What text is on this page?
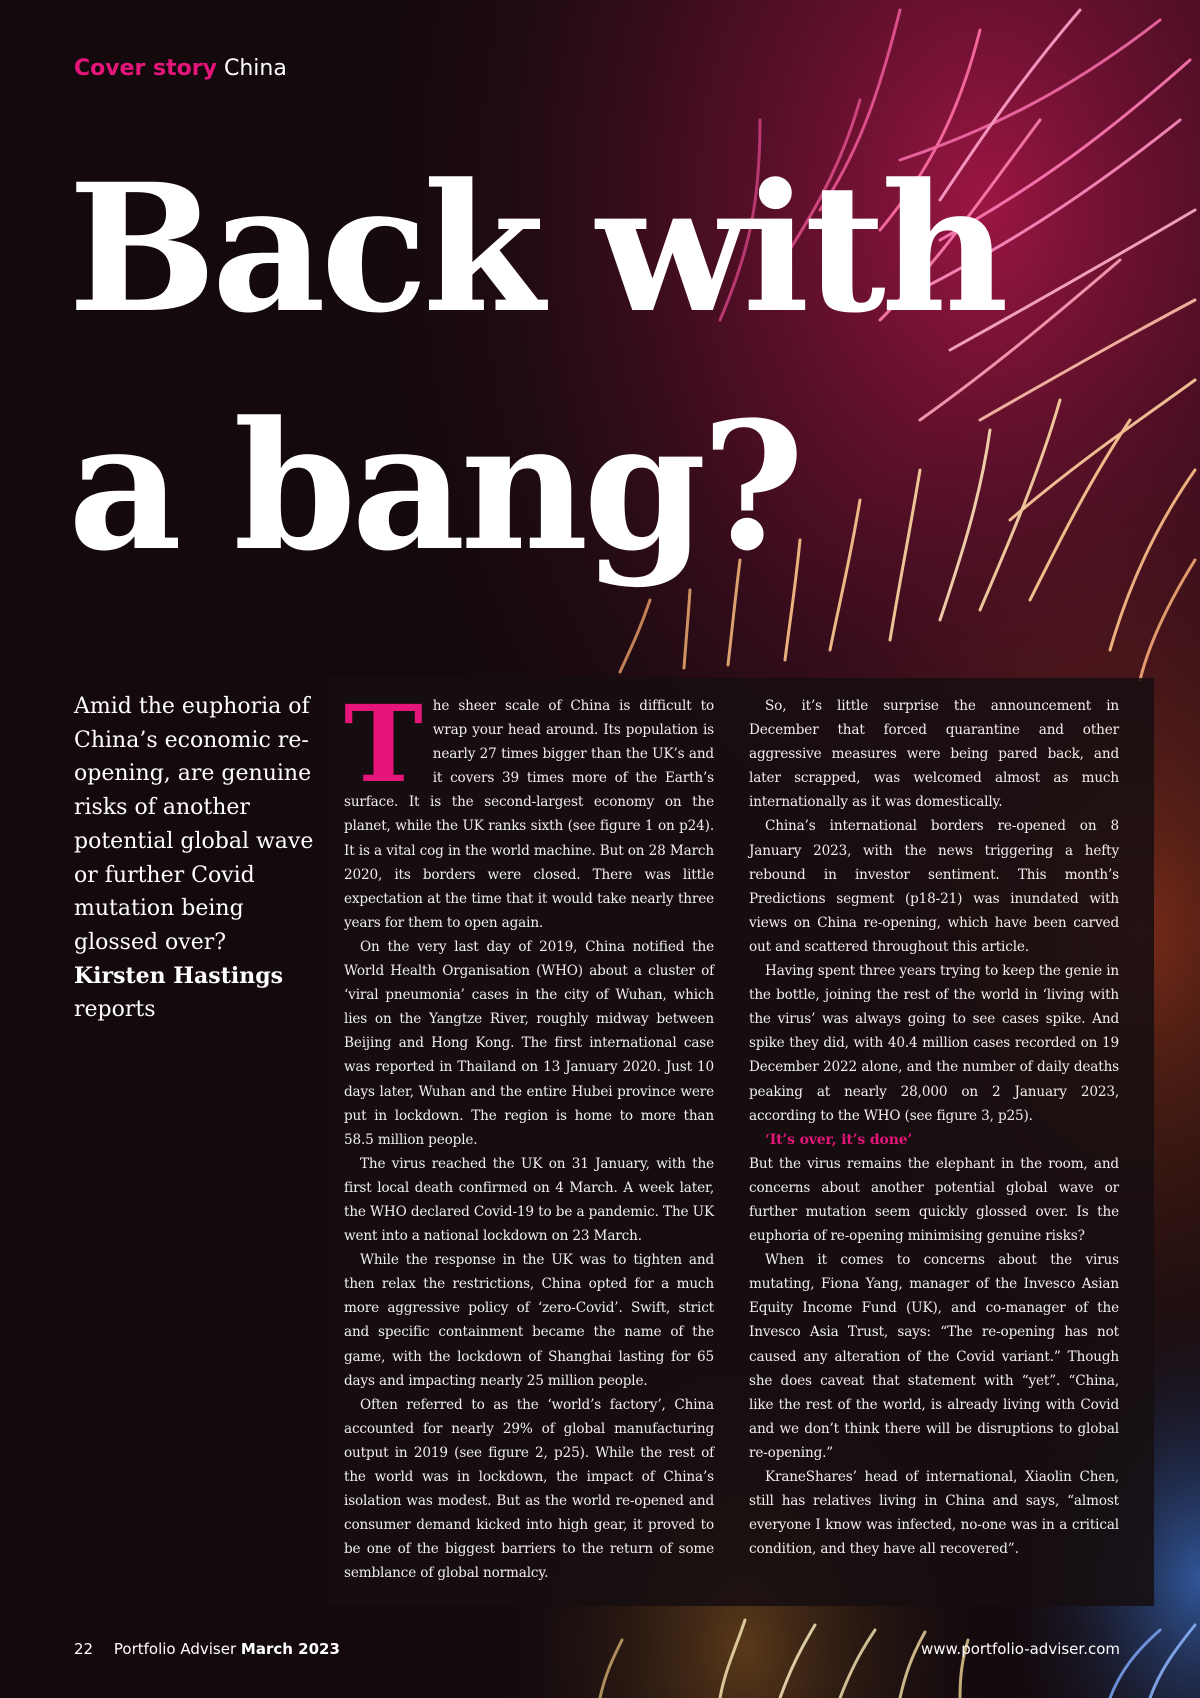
Cover story China
Back with
a bang?

Amid the euphoria of China’s economic re-opening, are genuine risks of another potential global wave or further Covid mutation being glossed over? Kirsten Hastings reports

T he sheer scale of China is difficult to wrap your head around. Its population is nearly 27 times bigger than the UK’s and it covers 39 times more of the Earth’s surface. It is the second-largest economy on the planet, while the UK ranks sixth (see figure 1 on p24). It is a vital cog in the world machine. But on 28 March 2020, its borders were closed. There was little expectation at the time that it would take nearly three years for them to open again.

On the very last day of 2019, China notified the World Health Organisation (WHO) about a cluster of ‘viral pneumonia’ cases in the city of Wuhan, which lies on the Yangtze River, roughly midway between Beijing and Hong Kong. The first international case was reported in Thailand on 13 January 2020. Just 10 days later, Wuhan and the entire Hubei province were put in lockdown. The region is home to more than 58.5 million people.

The virus reached the UK on 31 January, with the first local death confirmed on 4 March. A week later, the WHO declared Covid-19 to be a pandemic. The UK went into a national lockdown on 23 March.

While the response in the UK was to tighten and then relax the restrictions, China opted for a much more aggressive policy of ‘zero-Covid’. Swift, strict and specific containment became the name of the game, with the lockdown of Shanghai lasting for 65 days and impacting nearly 25 million people.

Often referred to as the ‘world’s factory’, China accounted for nearly 29% of global manufacturing output in 2019 (see figure 2, p25). While the rest of the world was in lockdown, the impact of China’s isolation was modest. But as the world re-opened and consumer demand kicked into high gear, it proved to be one of the biggest barriers to the return of some semblance of global normalcy.

So, it’s little surprise the announcement in December that forced quarantine and other aggressive measures were being pared back, and later scrapped, was welcomed almost as much internationally as it was domestically.

China’s international borders re-opened on 8 January 2023, with the news triggering a hefty rebound in investor sentiment. This month’s Predictions segment (p18-21) was inundated with views on China re-opening, which have been carved out and scattered throughout this article.

Having spent three years trying to keep the genie in the bottle, joining the rest of the world in ‘living with the virus’ was always going to see cases spike. And spike they did, with 40.4 million cases recorded on 19 December 2022 alone, and the number of daily deaths peaking at nearly 28,000 on 2 January 2023, according to the WHO (see figure 3, p25).

‘It’s over, it’s done’

But the virus remains the elephant in the room, and concerns about another potential global wave or further mutation seem quickly glossed over. Is the euphoria of re-opening minimising genuine risks?

When it comes to concerns about the virus mutating, Fiona Yang, manager of the Invesco Asian Equity Income Fund (UK), and co-manager of the Invesco Asia Trust, says: “The re-opening has not caused any alteration of the Covid variant.” Though she does caveat that statement with “yet”. “China, like the rest of the world, is already living with Covid and we don’t think there will be disruptions to global re-opening.”

KraneShares’ head of international, Xiaolin Chen, still has relatives living in China and says, “almost everyone I know was infected, no-one was in a critical condition, and they have all recovered”.

22 Portfolio Adviser March 2023	www.portfolio-adviser.com
